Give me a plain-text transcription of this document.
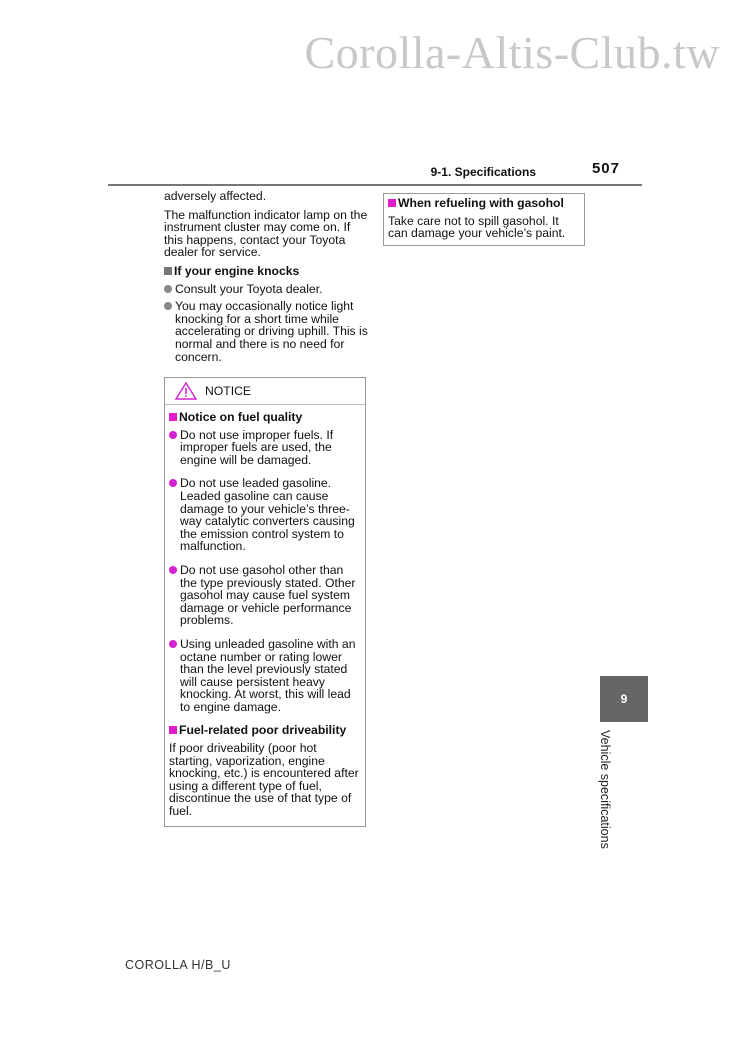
Corolla-Altis-Club.tw
9-1. Specifications	507

adversely affected.

The malfunction indicator lamp on the instrument cluster may come on. If this happens, contact your Toyota dealer for service.

If your engine knocks
Consult your Toyota dealer.
You may occasionally notice light knocking for a short time while accelerating or driving uphill. This is normal and there is no need for concern.
NOTICE
Notice on fuel quality
Do not use improper fuels. If improper fuels are used, the engine will be damaged.
Do not use leaded gasoline. Leaded gasoline can cause damage to your vehicle’s three-way catalytic converters causing the emission control system to malfunction.
Do not use gasohol other than the type previously stated. Other gasohol may cause fuel system damage or vehicle performance problems.
Using unleaded gasoline with an octane number or rating lower than the level previously stated will cause persistent heavy knocking. At worst, this will lead to engine damage.
Fuel-related poor driveability

If poor driveability (poor hot starting, vaporization, engine knocking, etc.) is encountered after using a different type of fuel, discontinue the use of that type of fuel.

When refueling with gasohol

Take care not to spill gasohol. It can damage your vehicle’s paint.

9
Vehicle specifications
COROLLA H/B_U
